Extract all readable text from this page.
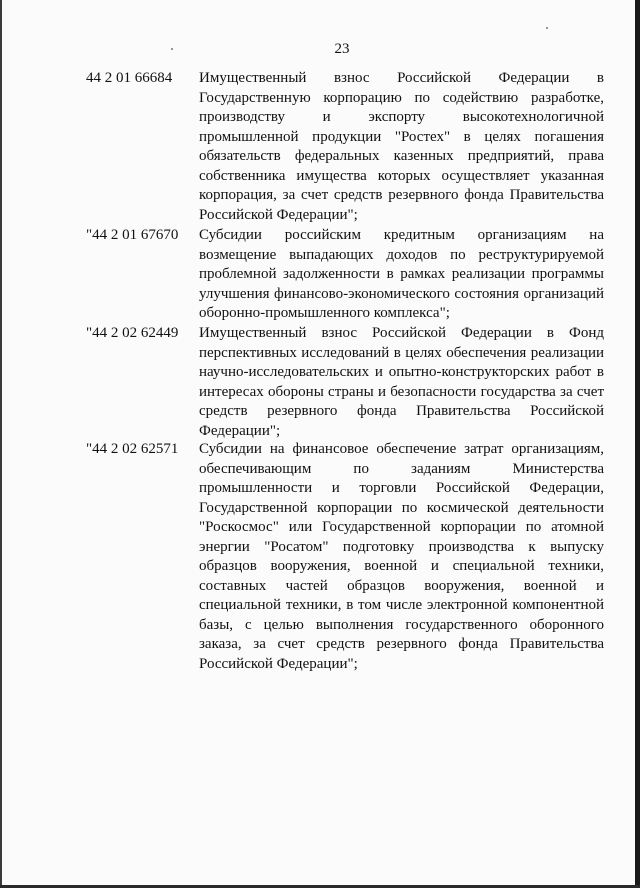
23
44 2 01 66684 Имущественный взнос Российской Федерации в Государственную корпорацию по содействию разработке, производству и экспорту высокотехнологичной промышленной продукции "Ростех" в целях погашения обязательств федеральных казенных предприятий, права собственника имущества которых осуществляет указанная корпорация, за счет средств резервного фонда Правительства Российской Федерации";
"44 2 01 67670 Субсидии российским кредитным организациям на возмещение выпадающих доходов по реструктурируемой проблемной задолженности в рамках реализации программы улучшения финансово-экономического состояния организаций оборонно-промышленного комплекса";
"44 2 02 62449 Имущественный взнос Российской Федерации в Фонд перспективных исследований в целях обеспечения реализации научно-исследовательских и опытно-конструкторских работ в интересах обороны страны и безопасности государства за счет средств резервного фонда Правительства Российской Федерации";
"44 2 02 62571 Субсидии на финансовое обеспечение затрат организациям, обеспечивающим по заданиям Министерства промышленности и торговли Российской Федерации, Государственной корпорации по космической деятельности "Роскосмос" или Государственной корпорации по атомной энергии "Росатом" подготовку производства к выпуску образцов вооружения, военной и специальной техники, составных частей образцов вооружения, военной и специальной техники, в том числе электронной компонентной базы, с целью выполнения государственного оборонного заказа, за счет средств резервного фонда Правительства Российской Федерации";
